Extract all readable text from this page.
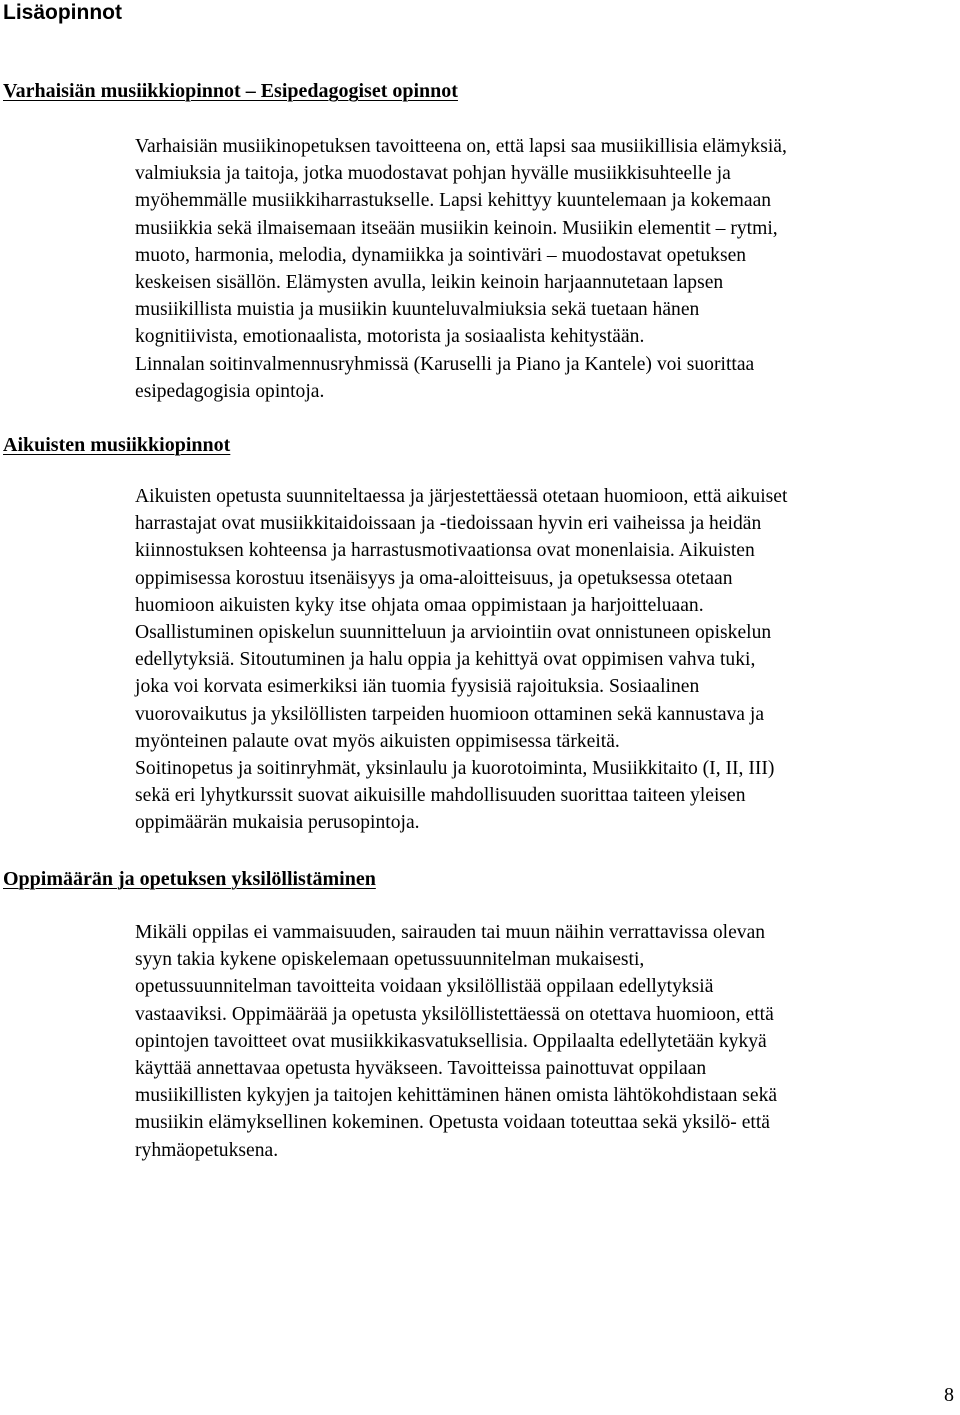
Lisäopinnot
Varhaisiän musiikkiopinnot – Esipedagogiset opinnot
Varhaisiän musiikinopetuksen tavoitteena on, että lapsi saa musiikillisia elämyksiä,
valmiuksia ja taitoja, jotka muodostavat pohjan hyvälle musiikkisuhteelle ja
myöhemmälle musiikkiharrastukselle. Lapsi kehittyy kuuntelemaan ja kokemaan
musiikkia sekä ilmaisemaan itseään musiikin keinoin. Musiikin elementit – rytmi,
muoto, harmonia, melodia, dynamiikka ja sointiväri – muodostavat opetuksen
keskeisen sisällön. Elämysten avulla, leikin keinoin harjaannutetaan lapsen
musiikillista muistia ja musiikin kuunteluvalmiuksia sekä tuetaan hänen
kognitiivista, emotionaalista, motorista ja sosiaalista kehitystään.
Linnalan soitinvalmennusryhmissä (Karuselli ja Piano ja Kantele) voi suorittaa
esipedagogisia opintoja.
Aikuisten musiikkiopinnot
Aikuisten opetusta suunniteltaessa ja järjestettäessä otetaan huomioon, että aikuiset
harrastajat ovat musiikkitaidoissaan ja -tiedoissaan hyvin eri vaiheissa ja heidän
kiinnostuksen kohteensa ja harrastusmotivaationsa ovat monenlaisia. Aikuisten
oppimisessa korostuu itsenäisyys ja oma-aloitteisuus, ja opetuksessa otetaan
huomioon aikuisten kyky itse ohjata omaa oppimistaan ja harjoitteluaan.
Osallistuminen opiskelun suunnitteluun ja arviointiin ovat onnistuneen opiskelun
edellytyksiä. Sitoutuminen ja halu oppia ja kehittyä ovat oppimisen vahva tuki,
joka voi korvata esimerkiksi iän tuomia fyysisiä rajoituksia. Sosiaalinen
vuorovaikutus ja yksilöllisten tarpeiden huomioon ottaminen sekä kannustava ja
myönteinen palaute ovat myös aikuisten oppimisessa tärkeitä.
Soitinopetus ja soitinryhmät, yksinlaulu ja kuorotoiminta, Musiikkitaito (I, II, III)
sekä eri lyhytkurssit suovat aikuisille mahdollisuuden suorittaa taiteen yleisen
oppimäärän mukaisia perusopintoja.
Oppimäärän ja opetuksen yksilöllistäminen
Mikäli oppilas ei vammaisuuden, sairauden tai muun näihin verrattavissa olevan
syyn takia kykene opiskelemaan opetussuunnitelman mukaisesti,
opetussuunnitelman tavoitteita voidaan yksilöllistää oppilaan edellytyksiä
vastaaviksi. Oppimäärää ja opetusta yksilöllistettäessä on otettava huomioon, että
opintojen tavoitteet ovat musiikkikasvatuksellisia. Oppilaalta edellytetään kykyä
käyttää annettavaa opetusta hyväkseen. Tavoitteissa painottuvat oppilaan
musiikillisten kykyjen ja taitojen kehittäminen hänen omista lähtökohdistaan sekä
musiikin elämyksellinen kokeminen. Opetusta voidaan toteuttaa sekä yksilö- että
ryhmäopetuksena.
8
